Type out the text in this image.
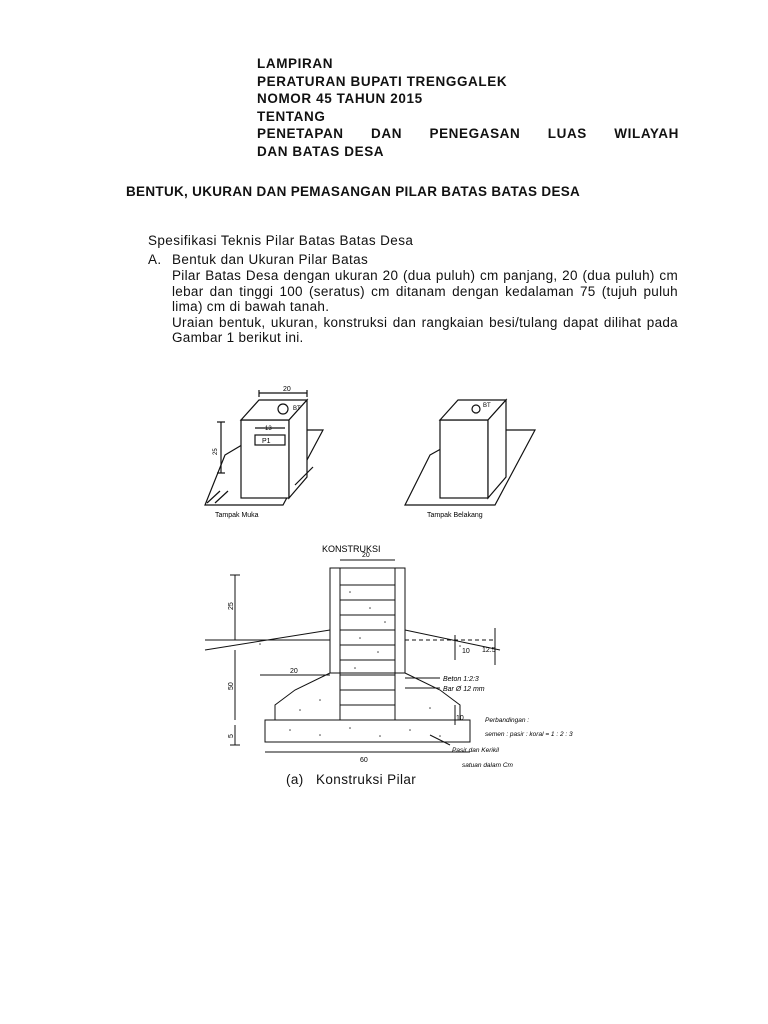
LAMPIRAN
PERATURAN BUPATI TRENGGALEK
NOMOR 45 TAHUN 2015
TENTANG
PENETAPAN DAN PENEGASAN LUAS WILAYAH
DAN BATAS DESA
BENTUK, UKURAN DAN PEMASANGAN PILAR BATAS BATAS DESA
Spesifikasi Teknis Pilar Batas Batas Desa
A. Bentuk dan Ukuran Pilar Batas

Pilar Batas Desa dengan ukuran 20 (dua puluh) cm panjang, 20 (dua puluh) cm lebar dan tinggi 100 (seratus) cm ditanam dengan kedalaman 75 (tujuh puluh lima) cm di bawah tanah.

Uraian bentuk, ukuran, konstruksi dan rangkaian besi/tulang dapat dilihat pada Gambar 1 berikut ini.

20
13
25
P1
BT
Tampak Muka
BT
Tampak Belakang
KONSTRUKSI
20
25
50
5
20
10 12.5
10
60
Beton 1:2:3
Bar Ø 12 mm
Perbandingan :
semen : pasir : koral = 1 : 2 : 3
Pasir dan Kerikil
satuan dalam Cm
(a) Konstruksi Pilar
